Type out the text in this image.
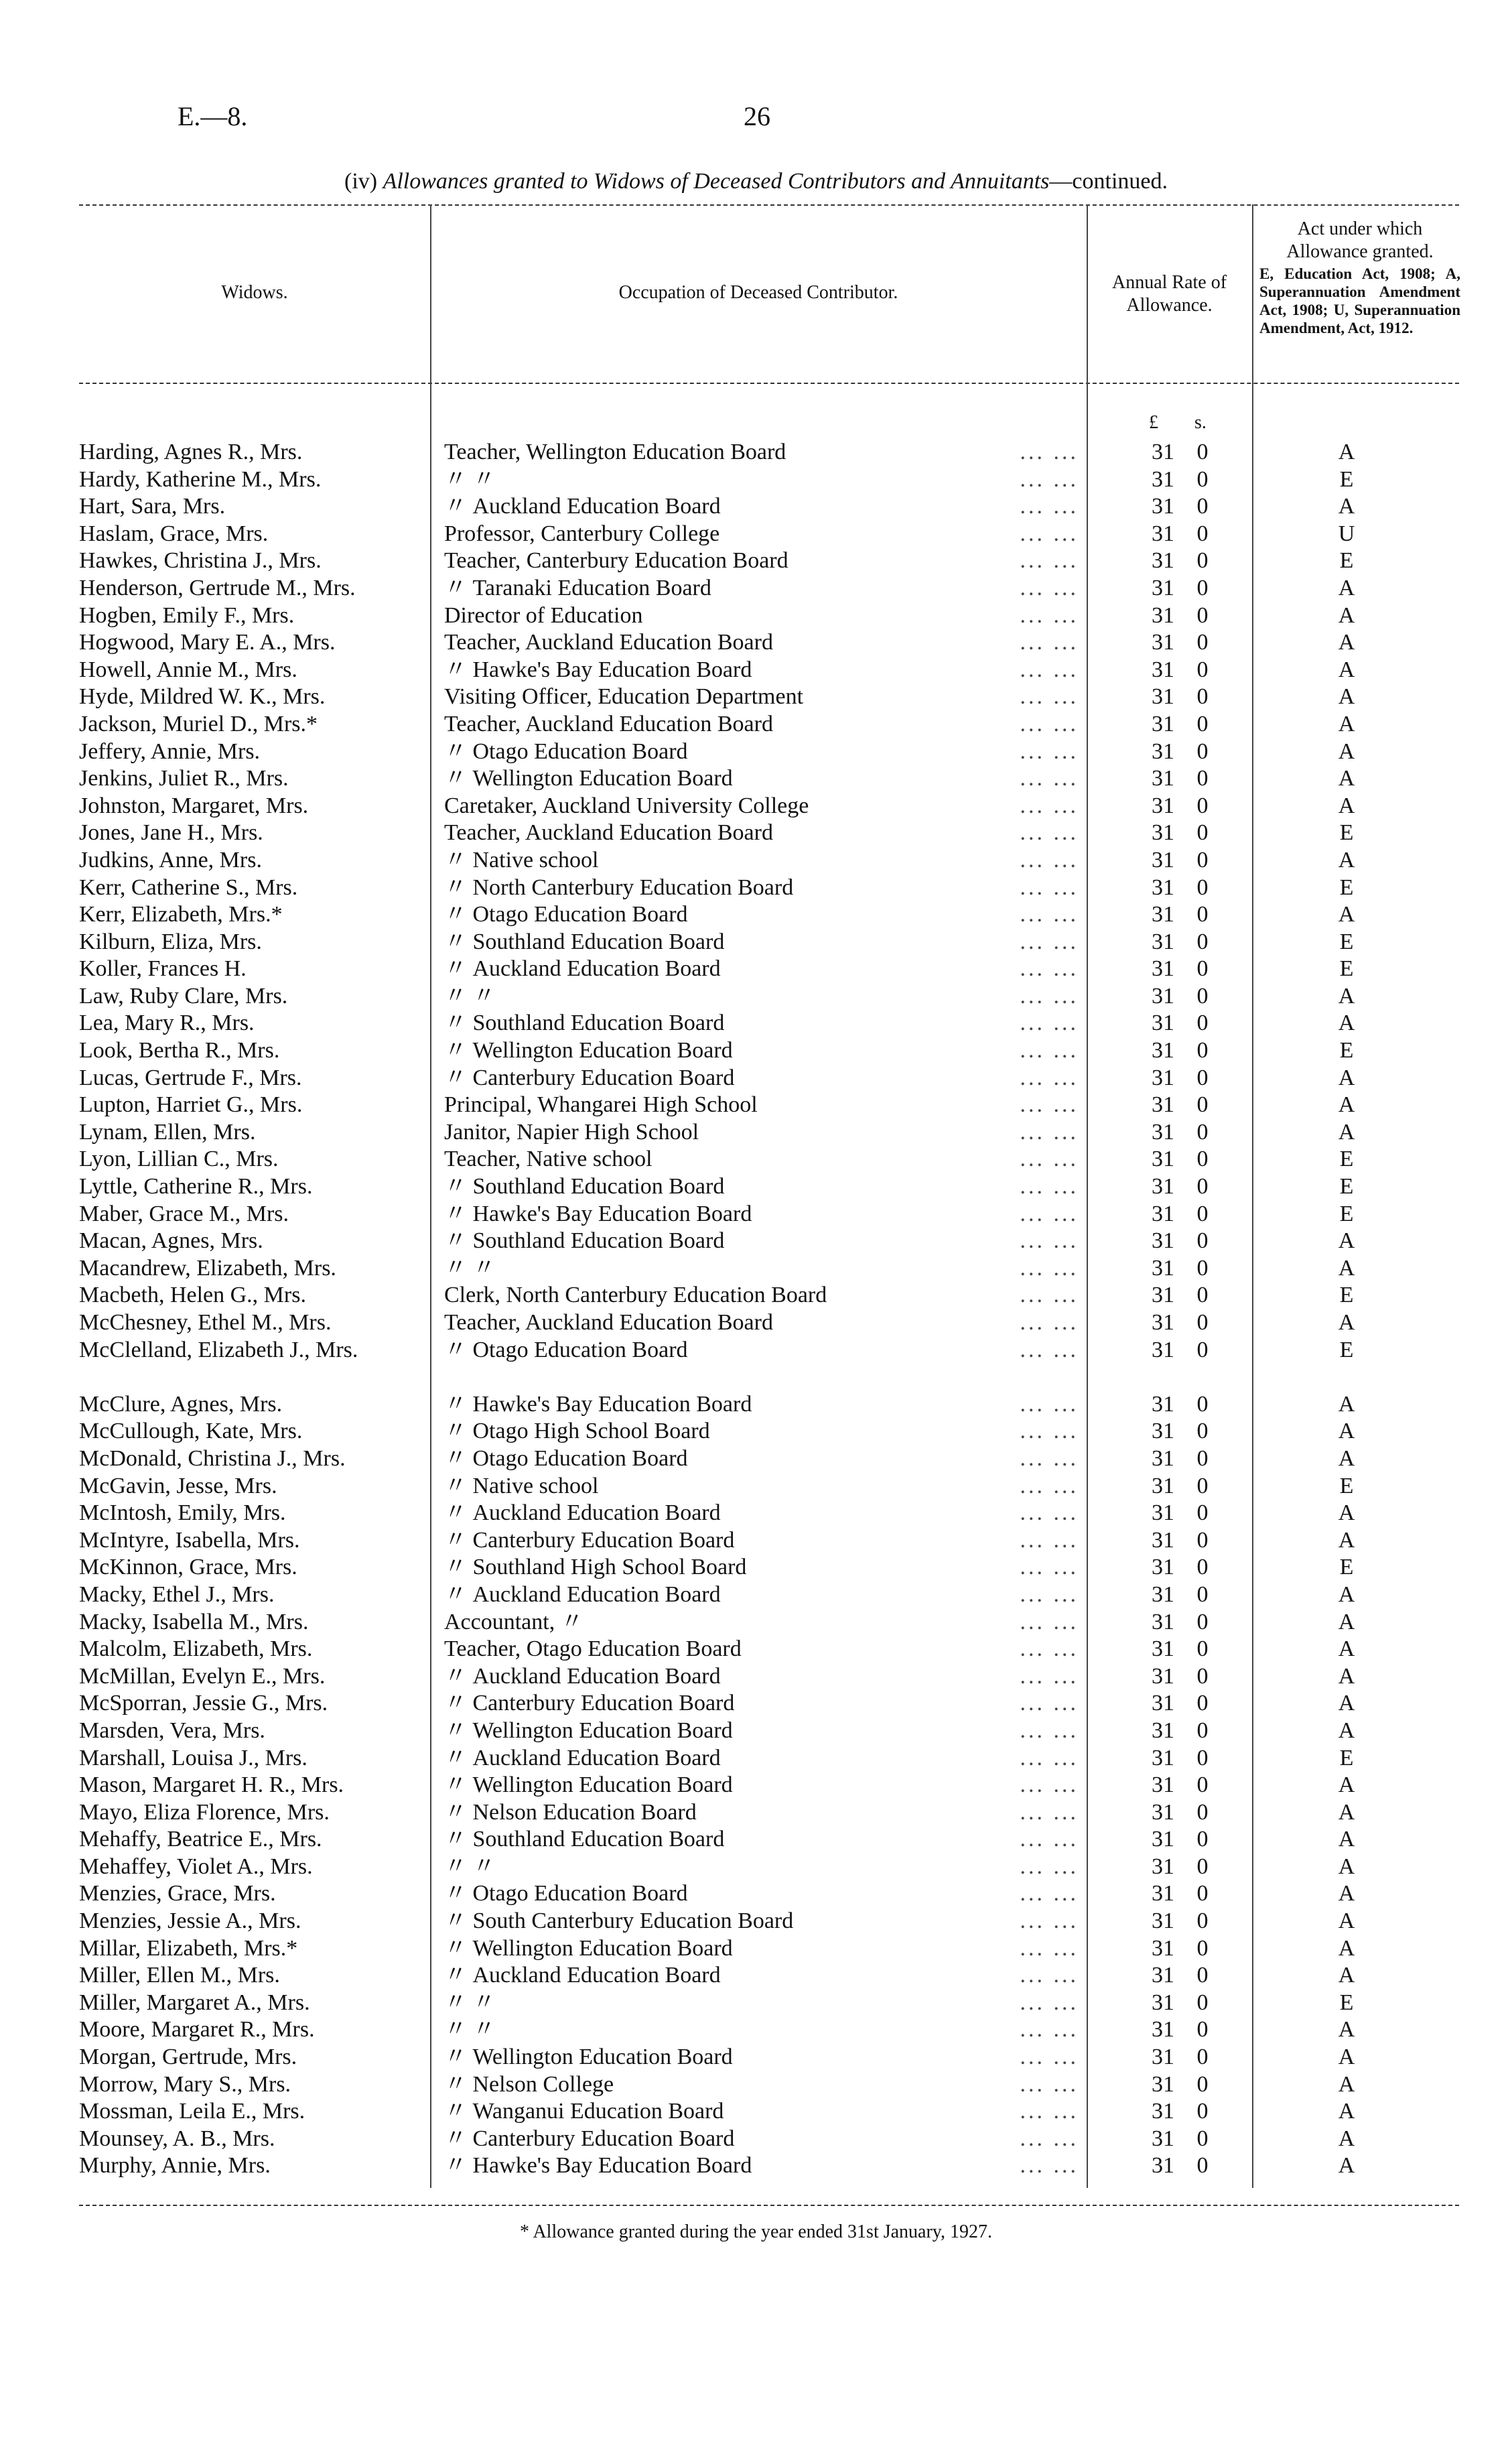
E.—8.	26
(iv) Allowances granted to Widows of Deceased Contributors and Annuitants—continued.
Widows.	Occupation of Deceased Contributor.	Annual Rate of Allowance.
Act under which Allowance granted.
E, Education Act, 1908; A, Superannuation Amendment Act, 1908; U, Superannuation Amendment, Act, 1912.
£ s.
Harding, Agnes R., Mrs.	Teacher, Wellington Education Board	... ...	31 0	A
Hardy, Katherine M., Mrs.	〃 〃	... ...	31 0	E
Hart, Sara, Mrs.	〃 Auckland Education Board	... ...	31 0	A
Haslam, Grace, Mrs.	Professor, Canterbury College	... ...	31 0	U
Hawkes, Christina J., Mrs.	Teacher, Canterbury Education Board	... ...	31 0	E
Henderson, Gertrude M., Mrs.	〃 Taranaki Education Board	... ...	31 0	A
Hogben, Emily F., Mrs.	Director of Education	... ...	31 0	A
Hogwood, Mary E. A., Mrs.	Teacher, Auckland Education Board	... ...	31 0	A
Howell, Annie M., Mrs.	〃 Hawke's Bay Education Board	... ...	31 0	A
Hyde, Mildred W. K., Mrs.	Visiting Officer, Education Department	... ...	31 0	A
Jackson, Muriel D., Mrs.*	Teacher, Auckland Education Board	... ...	31 0	A
Jeffery, Annie, Mrs.	〃 Otago Education Board	... ...	31 0	A
Jenkins, Juliet R., Mrs.	〃 Wellington Education Board	... ...	31 0	A
Johnston, Margaret, Mrs.	Caretaker, Auckland University College	... ...	31 0	A
Jones, Jane H., Mrs.	Teacher, Auckland Education Board	... ...	31 0	E
Judkins, Anne, Mrs.	〃 Native school	... ...	31 0	A
Kerr, Catherine S., Mrs.	〃 North Canterbury Education Board	... ...	31 0	E
Kerr, Elizabeth, Mrs.*	〃 Otago Education Board	... ...	31 0	A
Kilburn, Eliza, Mrs.	〃 Southland Education Board	... ...	31 0	E
Koller, Frances H.	〃 Auckland Education Board	... ...	31 0	E
Law, Ruby Clare, Mrs.	〃 〃	... ...	31 0	A
Lea, Mary R., Mrs.	〃 Southland Education Board	... ...	31 0	A
Look, Bertha R., Mrs.	〃 Wellington Education Board	... ...	31 0	E
Lucas, Gertrude F., Mrs.	〃 Canterbury Education Board	... ...	31 0	A
Lupton, Harriet G., Mrs.	Principal, Whangarei High School	... ...	31 0	A
Lynam, Ellen, Mrs.	Janitor, Napier High School	... ...	31 0	A
Lyon, Lillian C., Mrs.	Teacher, Native school	... ...	31 0	E
Lyttle, Catherine R., Mrs.	〃 Southland Education Board	... ...	31 0	E
Maber, Grace M., Mrs.	〃 Hawke's Bay Education Board	... ...	31 0	E
Macan, Agnes, Mrs.	〃 Southland Education Board	... ...	31 0	A
Macandrew, Elizabeth, Mrs.	〃 〃	... ...	31 0	A
Macbeth, Helen G., Mrs.	Clerk, North Canterbury Education Board	... ...	31 0	E
McChesney, Ethel M., Mrs.	Teacher, Auckland Education Board	... ...	31 0	A
McClelland, Elizabeth J., Mrs.	〃 Otago Education Board	... ...	31 0	E
McClure, Agnes, Mrs.	〃 Hawke's Bay Education Board	... ...	31 0	A
McCullough, Kate, Mrs.	〃 Otago High School Board	... ...	31 0	A
McDonald, Christina J., Mrs.	〃 Otago Education Board	... ...	31 0	A
McGavin, Jesse, Mrs.	〃 Native school	... ...	31 0	E
McIntosh, Emily, Mrs.	〃 Auckland Education Board	... ...	31 0	A
McIntyre, Isabella, Mrs.	〃 Canterbury Education Board	... ...	31 0	A
McKinnon, Grace, Mrs.	〃 Southland High School Board	... ...	31 0	E
Macky, Ethel J., Mrs.	〃 Auckland Education Board	... ...	31 0	A
Macky, Isabella M., Mrs.	Accountant, 〃	... ...	31 0	A
Malcolm, Elizabeth, Mrs.	Teacher, Otago Education Board	... ...	31 0	A
McMillan, Evelyn E., Mrs.	〃 Auckland Education Board	... ...	31 0	A
McSporran, Jessie G., Mrs.	〃 Canterbury Education Board	... ...	31 0	A
Marsden, Vera, Mrs.	〃 Wellington Education Board	... ...	31 0	A
Marshall, Louisa J., Mrs.	〃 Auckland Education Board	... ...	31 0	E
Mason, Margaret H. R., Mrs.	〃 Wellington Education Board	... ...	31 0	A
Mayo, Eliza Florence, Mrs.	〃 Nelson Education Board	... ...	31 0	A
Mehaffy, Beatrice E., Mrs.	〃 Southland Education Board	... ...	31 0	A
Mehaffey, Violet A., Mrs.	〃 〃	... ...	31 0	A
Menzies, Grace, Mrs.	〃 Otago Education Board	... ...	31 0	A
Menzies, Jessie A., Mrs.	〃 South Canterbury Education Board	... ...	31 0	A
Millar, Elizabeth, Mrs.*	〃 Wellington Education Board	... ...	31 0	A
Miller, Ellen M., Mrs.	〃 Auckland Education Board	... ...	31 0	A
Miller, Margaret A., Mrs.	〃 〃	... ...	31 0	E
Moore, Margaret R., Mrs.	〃 〃	... ...	31 0	A
Morgan, Gertrude, Mrs.	〃 Wellington Education Board	... ...	31 0	A
Morrow, Mary S., Mrs.	〃 Nelson College	... ...	31 0	A
Mossman, Leila E., Mrs.	〃 Wanganui Education Board	... ...	31 0	A
Mounsey, A. B., Mrs.	〃 Canterbury Education Board	... ...	31 0	A
Murphy, Annie, Mrs.	〃 Hawke's Bay Education Board	... ...	31 0	A
* Allowance granted during the year ended 31st January, 1927.
